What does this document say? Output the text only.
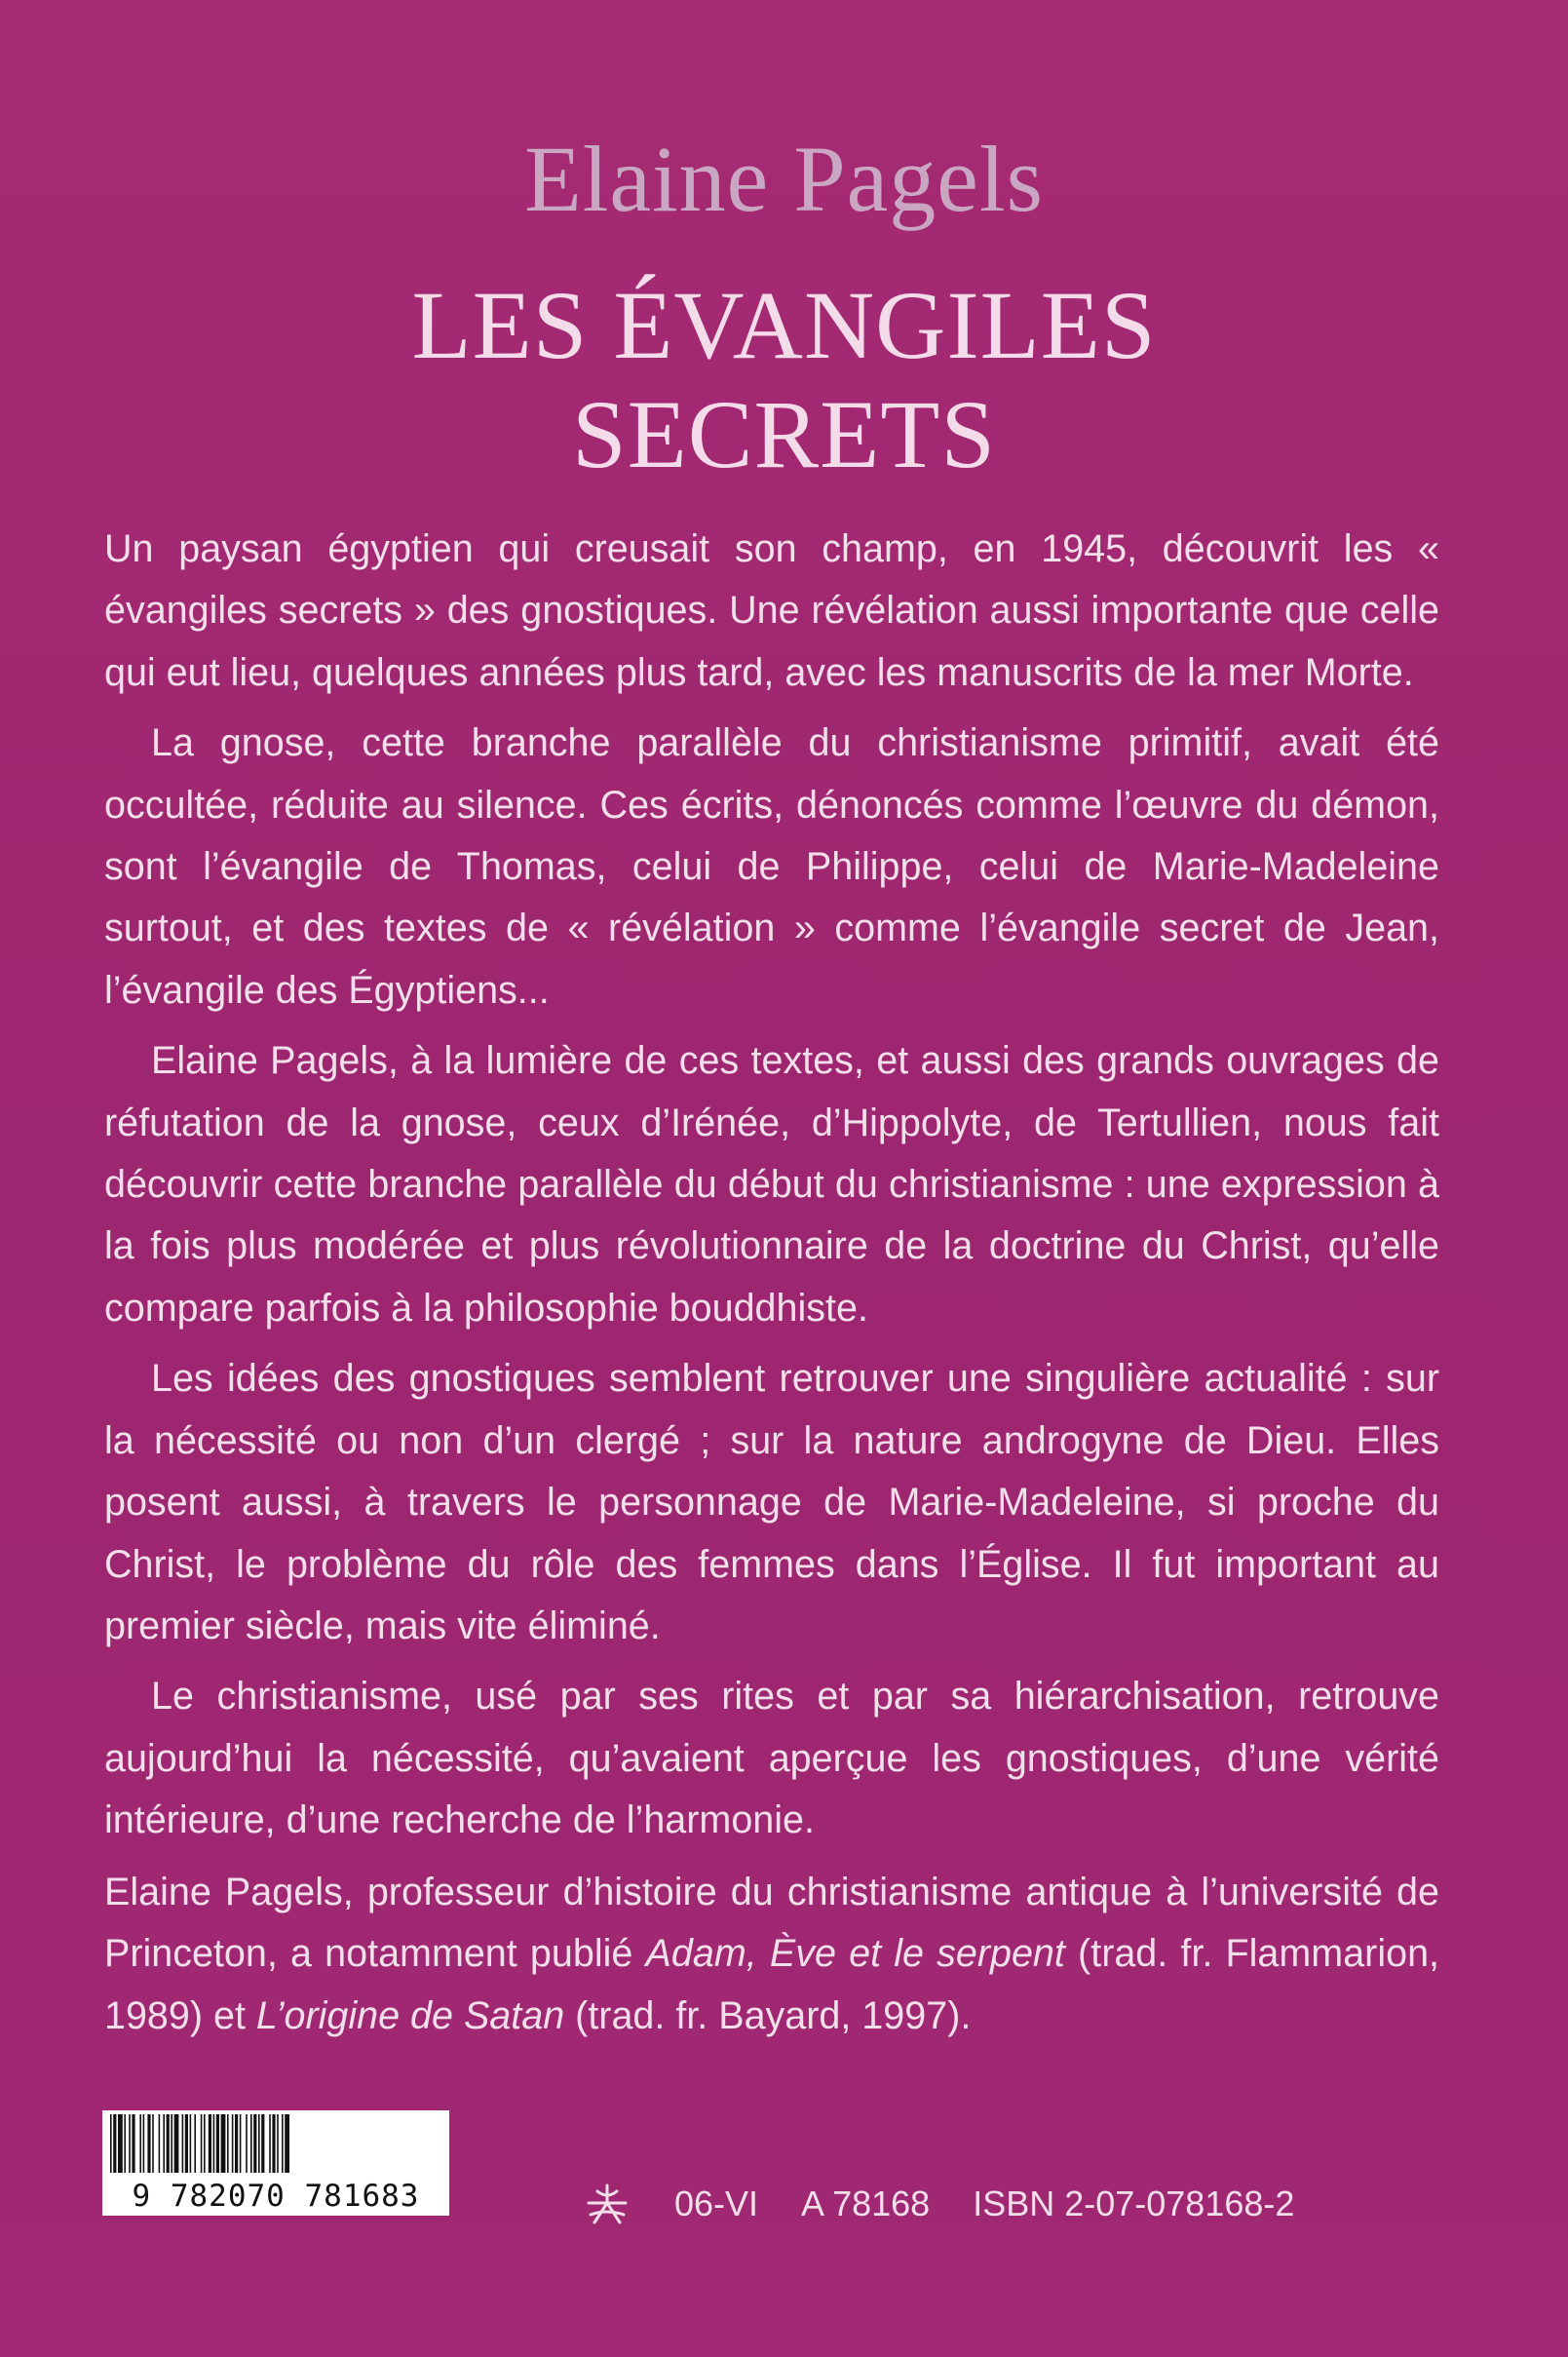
Elaine Pagels
LES ÉVANGILES
SECRETS

Un paysan égyptien qui creusait son champ, en 1945, découvrit les « évangiles secrets » des gnostiques. Une révélation aussi importante que celle qui eut lieu, quelques années plus tard, avec les manuscrits de la mer Morte.

La gnose, cette branche parallèle du christianisme primitif, avait été occultée, réduite au silence. Ces écrits, dénoncés comme l’œuvre du démon, sont l’évangile de Thomas, celui de Philippe, celui de Marie-Madeleine surtout, et des textes de « révélation » comme l’évangile secret de Jean, l’évangile des Égyptiens...

Elaine Pagels, à la lumière de ces textes, et aussi des grands ouvrages de réfutation de la gnose, ceux d’Irénée, d’Hippolyte, de Tertullien, nous fait découvrir cette branche parallèle du début du christianisme : une expression à la fois plus modérée et plus révolutionnaire de la doctrine du Christ, qu’elle compare parfois à la philosophie bouddhiste.

Les idées des gnostiques semblent retrouver une singulière actualité : sur la nécessité ou non d’un clergé ; sur la nature androgyne de Dieu. Elles posent aussi, à travers le personnage de Marie-Madeleine, si proche du Christ, le problème du rôle des femmes dans l’Église. Il fut important au premier siècle, mais vite éliminé.

Le christianisme, usé par ses rites et par sa hiérarchisation, retrouve aujourd’hui la nécessité, qu’avaient aperçue les gnostiques, d’une vérité intérieure, d’une recherche de l’harmonie.

Elaine Pagels, professeur d’histoire du christianisme antique à l’université de Princeton, a notamment publié Adam, Ève et le serpent (trad. fr. Flammarion, 1989) et L’origine de Satan (trad. fr. Bayard, 1997).

9 782070 781683	06-VI A 78168 ISBN 2-07-078168-2
